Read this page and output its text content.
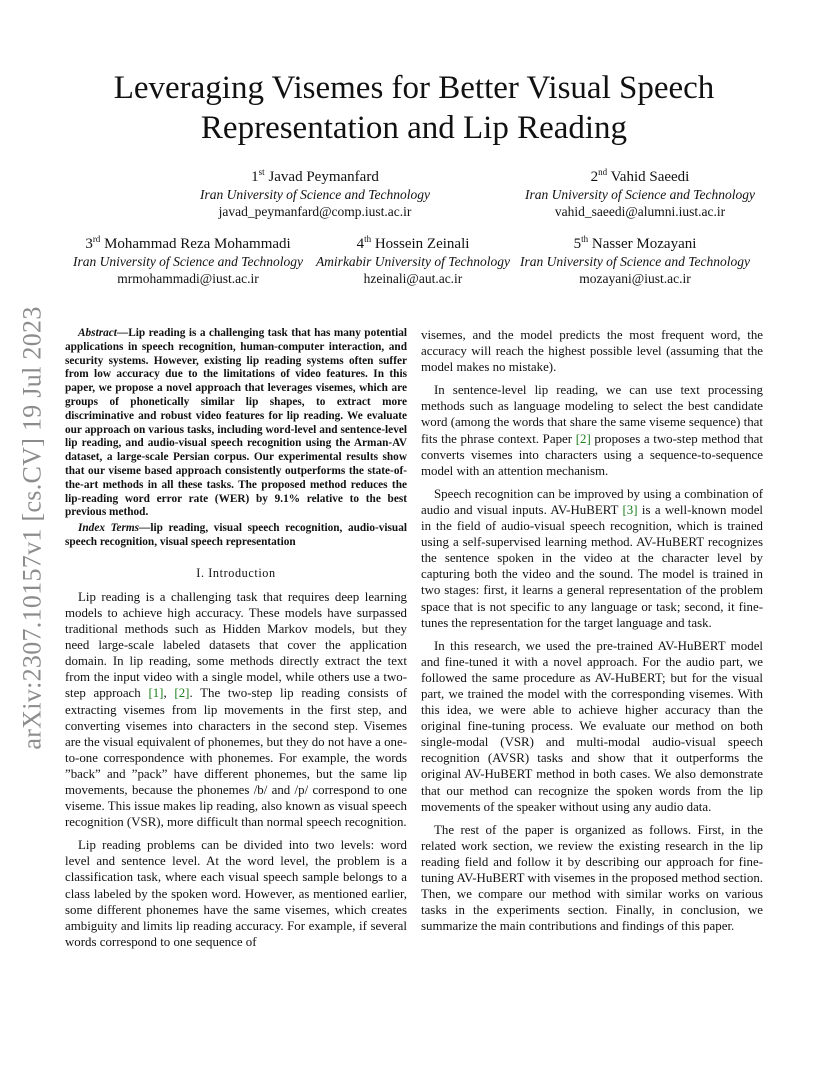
arXiv:2307.10157v1 [cs.CV] 19 Jul 2023
Leveraging Visemes for Better Visual Speech
Representation and Lip Reading
1st Javad Peymanfard
Iran University of Science and Technology
javad_peymanfard@comp.iust.ac.ir
2nd Vahid Saeedi
Iran University of Science and Technology
vahid_saeedi@alumni.iust.ac.ir
3rd Mohammad Reza Mohammadi
Iran University of Science and Technology
mrmohammadi@iust.ac.ir
4th Hossein Zeinali
Amirkabir University of Technology
hzeinali@aut.ac.ir
5th Nasser Mozayani
Iran University of Science and Technology
mozayani@iust.ac.ir

Abstract—Lip reading is a challenging task that has many potential applications in speech recognition, human-computer interaction, and security systems. However, existing lip reading systems often suffer from low accuracy due to the limitations of video features. In this paper, we propose a novel approach that leverages visemes, which are groups of phonetically similar lip shapes, to extract more discriminative and robust video features for lip reading. We evaluate our approach on various tasks, including word-level and sentence-level lip reading, and audio-visual speech recognition using the Arman-AV dataset, a large-scale Persian corpus. Our experimental results show that our viseme based approach consistently outperforms the state-of-the-art methods in all these tasks. The proposed method reduces the lip-reading word error rate (WER) by 9.1% relative to the best previous method.

Index Terms—lip reading, visual speech recognition, audio-visual speech recognition, visual speech representation

I. Introduction

Lip reading is a challenging task that requires deep learning models to achieve high accuracy. These models have surpassed traditional methods such as Hidden Markov models, but they need large-scale labeled datasets that cover the application domain. In lip reading, some methods directly extract the text from the input video with a single model, while others use a two-step approach [1], [2]. The two-step lip reading consists of extracting visemes from lip movements in the first step, and converting visemes into characters in the second step. Visemes are the visual equivalent of phonemes, but they do not have a one-to-one correspondence with phonemes. For example, the words ”back” and ”pack” have different phonemes, but the same lip movements, because the phonemes /b/ and /p/ correspond to one viseme. This issue makes lip reading, also known as visual speech recognition (VSR), more difficult than normal speech recognition.

Lip reading problems can be divided into two levels: word level and sentence level. At the word level, the problem is a classification task, where each visual speech sample belongs to a class labeled by the spoken word. However, as mentioned earlier, some different phonemes have the same visemes, which creates ambiguity and limits lip reading accuracy. For example, if several words correspond to one sequence of

visemes, and the model predicts the most frequent word, the accuracy will reach the highest possible level (assuming that the model makes no mistake).

In sentence-level lip reading, we can use text processing methods such as language modeling to select the best candidate word (among the words that share the same viseme sequence) that fits the phrase context. Paper [2] proposes a two-step method that converts visemes into characters using a sequence-to-sequence model with an attention mechanism.

Speech recognition can be improved by using a combination of audio and visual inputs. AV-HuBERT [3] is a well-known model in the field of audio-visual speech recognition, which is trained using a self-supervised learning method. AV-HuBERT recognizes the sentence spoken in the video at the character level by capturing both the video and the sound. The model is trained in two stages: first, it learns a general representation of the problem space that is not specific to any language or task; second, it fine-tunes the representation for the target language and task.

In this research, we used the pre-trained AV-HuBERT model and fine-tuned it with a novel approach. For the audio part, we followed the same procedure as AV-HuBERT; but for the visual part, we trained the model with the corresponding visemes. With this idea, we were able to achieve higher accuracy than the original fine-tuning process. We evaluate our method on both single-modal (VSR) and multi-modal audio-visual speech recognition (AVSR) tasks and show that it outperforms the original AV-HuBERT method in both cases. We also demonstrate that our method can recognize the spoken words from the lip movements of the speaker without using any audio data.

The rest of the paper is organized as follows. First, in the related work section, we review the existing research in the lip reading field and follow it by describing our approach for fine-tuning AV-HuBERT with visemes in the proposed method section. Then, we compare our method with similar works on various tasks in the experiments section. Finally, in conclusion, we summarize the main contributions and findings of this paper.
